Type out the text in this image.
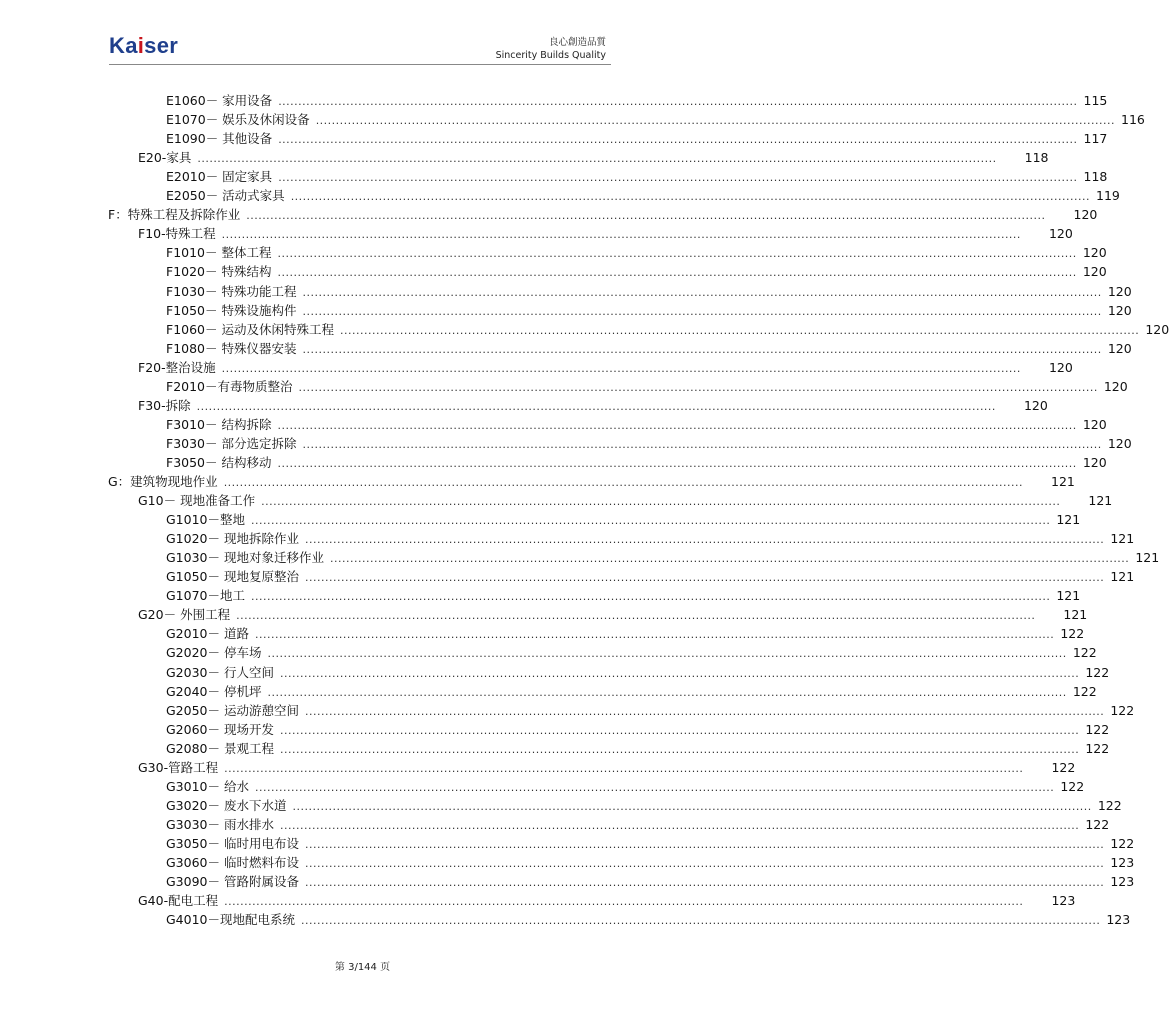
Kaiser	良心創造品質
Sincerity Builds Quality
E1060－ 家用设备 ........................................................................................................................................................................................................ 115
E1070－ 娱乐及休闲设备 ........................................................................................................................................................................................................ 116
E1090－ 其他设备 ........................................................................................................................................................................................................ 117
E20-家具 ........................................................................................................................................................................................................ 118
E2010－ 固定家具 ........................................................................................................................................................................................................ 118
E2050－ 活动式家具 ........................................................................................................................................................................................................ 119
F：特殊工程及拆除作业 ........................................................................................................................................................................................................ 120
F10-特殊工程 ........................................................................................................................................................................................................ 120
F1010－ 整体工程 ........................................................................................................................................................................................................ 120
F1020－ 特殊结构 ........................................................................................................................................................................................................ 120
F1030－ 特殊功能工程 ........................................................................................................................................................................................................ 120
F1050－ 特殊设施构件 ........................................................................................................................................................................................................ 120
F1060－ 运动及休闲特殊工程 ........................................................................................................................................................................................................ 120
F1080－ 特殊仪器安装 ........................................................................................................................................................................................................ 120
F20-整治设施 ........................................................................................................................................................................................................ 120
F2010－有毒物质整治 ........................................................................................................................................................................................................ 120
F30-拆除 ........................................................................................................................................................................................................ 120
F3010－ 结构拆除 ........................................................................................................................................................................................................ 120
F3030－ 部分选定拆除 ........................................................................................................................................................................................................ 120
F3050－ 结构移动 ........................................................................................................................................................................................................ 120
G：建筑物现地作业 ........................................................................................................................................................................................................ 121
G10－ 现地准备工作 ........................................................................................................................................................................................................ 121
G1010－整地 ........................................................................................................................................................................................................ 121
G1020－ 现地拆除作业 ........................................................................................................................................................................................................ 121
G1030－ 现地对象迁移作业 ........................................................................................................................................................................................................ 121
G1050－ 现地复原整治 ........................................................................................................................................................................................................ 121
G1070－地工 ........................................................................................................................................................................................................ 121
G20－ 外围工程 ........................................................................................................................................................................................................ 121
G2010－ 道路 ........................................................................................................................................................................................................ 122
G2020－ 停车场 ........................................................................................................................................................................................................ 122
G2030－ 行人空间 ........................................................................................................................................................................................................ 122
G2040－ 停机坪 ........................................................................................................................................................................................................ 122
G2050－ 运动游憩空间 ........................................................................................................................................................................................................ 122
G2060－ 现场开发 ........................................................................................................................................................................................................ 122
G2080－ 景观工程 ........................................................................................................................................................................................................ 122
G30-管路工程 ........................................................................................................................................................................................................ 122
G3010－ 给水 ........................................................................................................................................................................................................ 122
G3020－ 废水下水道 ........................................................................................................................................................................................................ 122
G3030－ 雨水排水 ........................................................................................................................................................................................................ 122
G3050－ 临时用电布设 ........................................................................................................................................................................................................ 122
G3060－ 临时燃料布设 ........................................................................................................................................................................................................ 123
G3090－ 管路附属设备 ........................................................................................................................................................................................................ 123
G40-配电工程 ........................................................................................................................................................................................................ 123
G4010－现地配电系统 ........................................................................................................................................................................................................ 123
第 3/144 页
